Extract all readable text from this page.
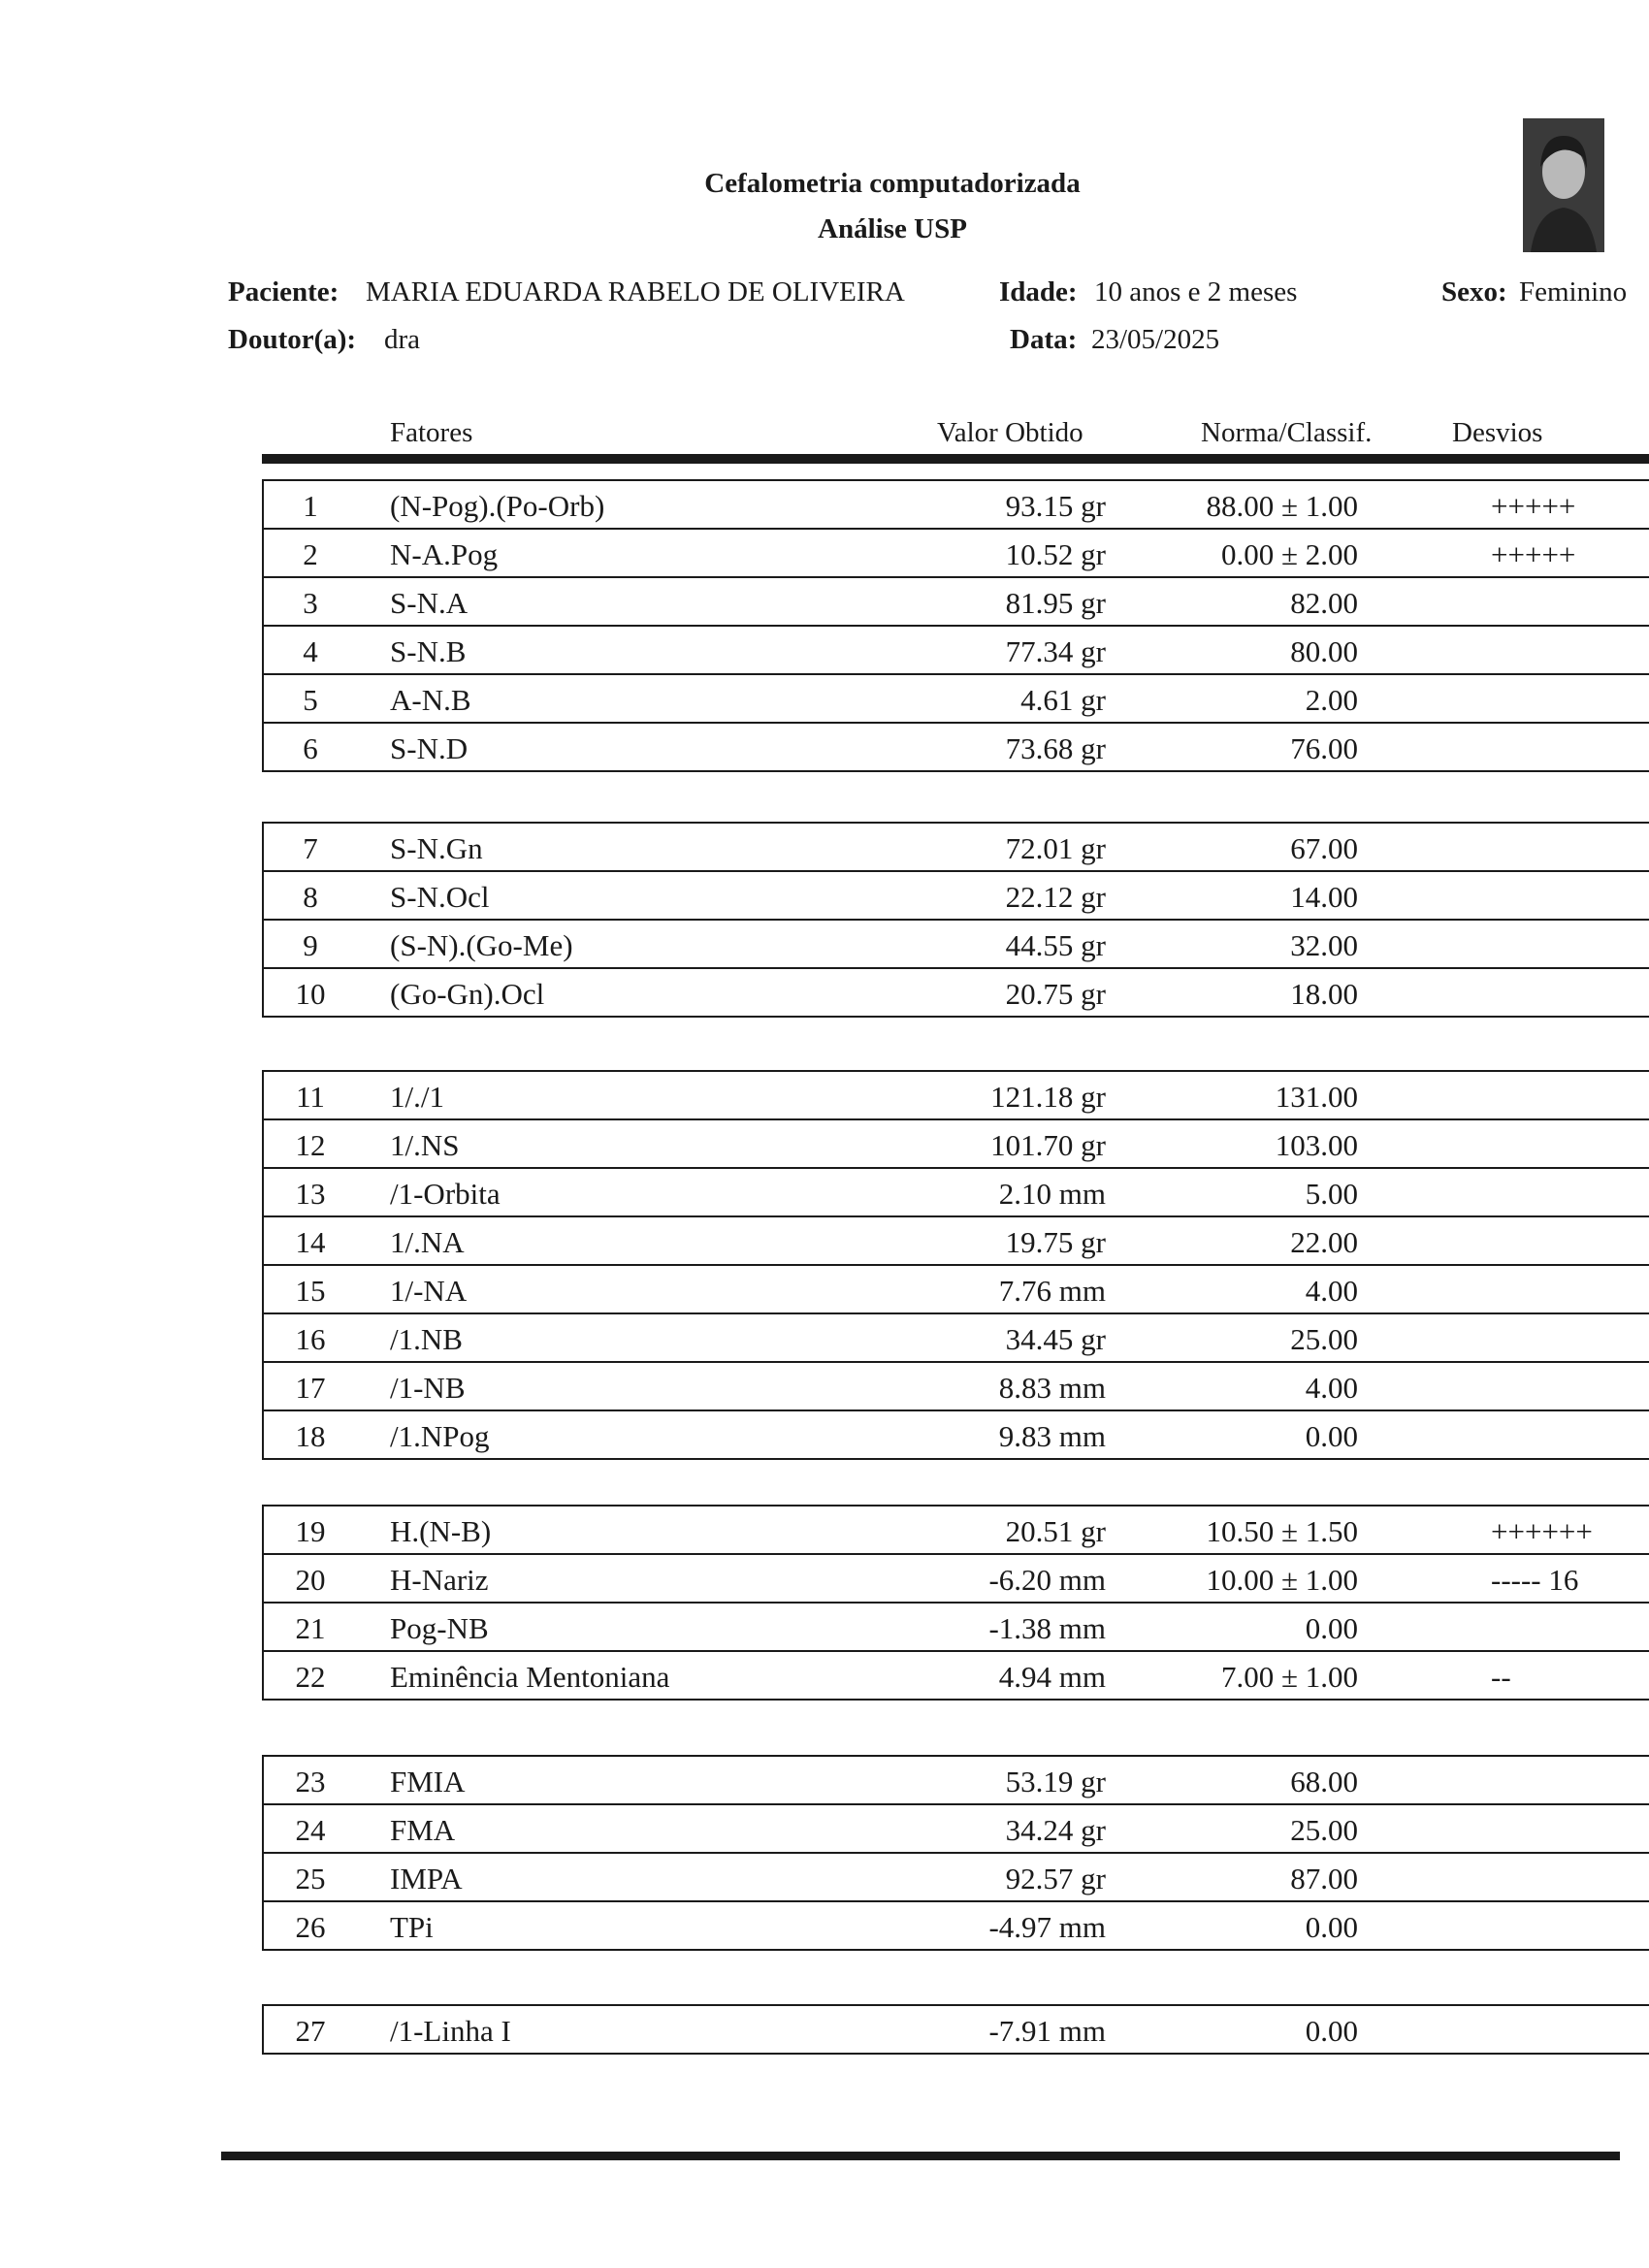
Cefalometria computadorizada
Análise USP
Paciente: MARIA EDUARDA RABELO DE OLIVEIRA	Idade: 10 anos e 2 meses	Sexo: Feminino
Doutor(a): dra	Data: 23/05/2025
Fatores	Valor Obtido	Norma/Classif.	Desvios
1	(N-Pog).(Po-Orb)	93.15 gr	88.00 ± 1.00	+++++
2	N-A.Pog	10.52 gr	0.00 ± 2.00	+++++
3	S-N.A	81.95 gr	82.00
4	S-N.B	77.34 gr	80.00
5	A-N.B	4.61 gr	2.00
6	S-N.D	73.68 gr	76.00
7	S-N.Gn	72.01 gr	67.00
8	S-N.Ocl	22.12 gr	14.00
9	(S-N).(Go-Me)	44.55 gr	32.00
10	(Go-Gn).Ocl	20.75 gr	18.00
11	1/./1	121.18 gr	131.00
12	1/.NS	101.70 gr	103.00
13	/1-Orbita	2.10 mm	5.00
14	1/.NA	19.75 gr	22.00
15	1/-NA	7.76 mm	4.00
16	/1.NB	34.45 gr	25.00
17	/1-NB	8.83 mm	4.00
18	/1.NPog	9.83 mm	0.00
19	H.(N-B)	20.51 gr	10.50 ± 1.50	++++++
20	H-Nariz	-6.20 mm	10.00 ± 1.00	----- 16
21	Pog-NB	-1.38 mm	0.00
22	Eminência Mentoniana	4.94 mm	7.00 ± 1.00	--
23	FMIA	53.19 gr	68.00
24	FMA	34.24 gr	25.00
25	IMPA	92.57 gr	87.00
26	TPi	-4.97 mm	0.00
27	/1-Linha I	-7.91 mm	0.00
